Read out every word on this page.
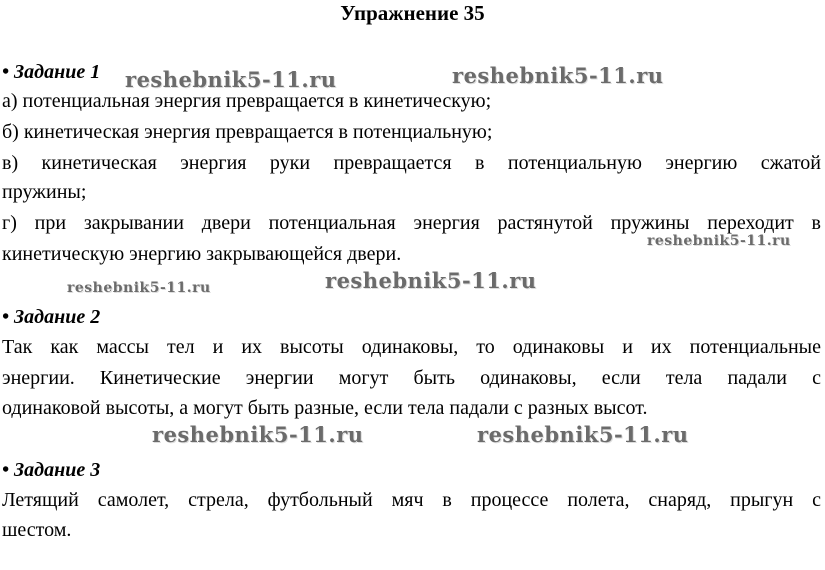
Упражнение 35
• Задание 1
а) потенциальная энергия превращается в кинетическую;
б) кинетическая энергия превращается в потенциальную;
в) кинетическая энергия руки превращается в потенциальную энергию сжатой
пружины;
г) при закрывании двери потенциальная энергия растянутой пружины переходит в
кинетическую энергию закрывающейся двери.
• Задание 2
Так как массы тел и их высоты одинаковы, то одинаковы и их потенциальные
энергии. Кинетические энергии могут быть одинаковы, если тела падали с
одинаковой высоты, а могут быть разные, если тела падали с разных высот.
• Задание 3
Летящий самолет, стрела, футбольный мяч в процессе полета, снаряд, прыгун с
шестом.
reshebnik5-11.ru	reshebnik5-11.ru
reshebnik5-11.ru
reshebnik5-11.ru	reshebnik5-11.ru
reshebnik5-11.ru	reshebnik5-11.ru
